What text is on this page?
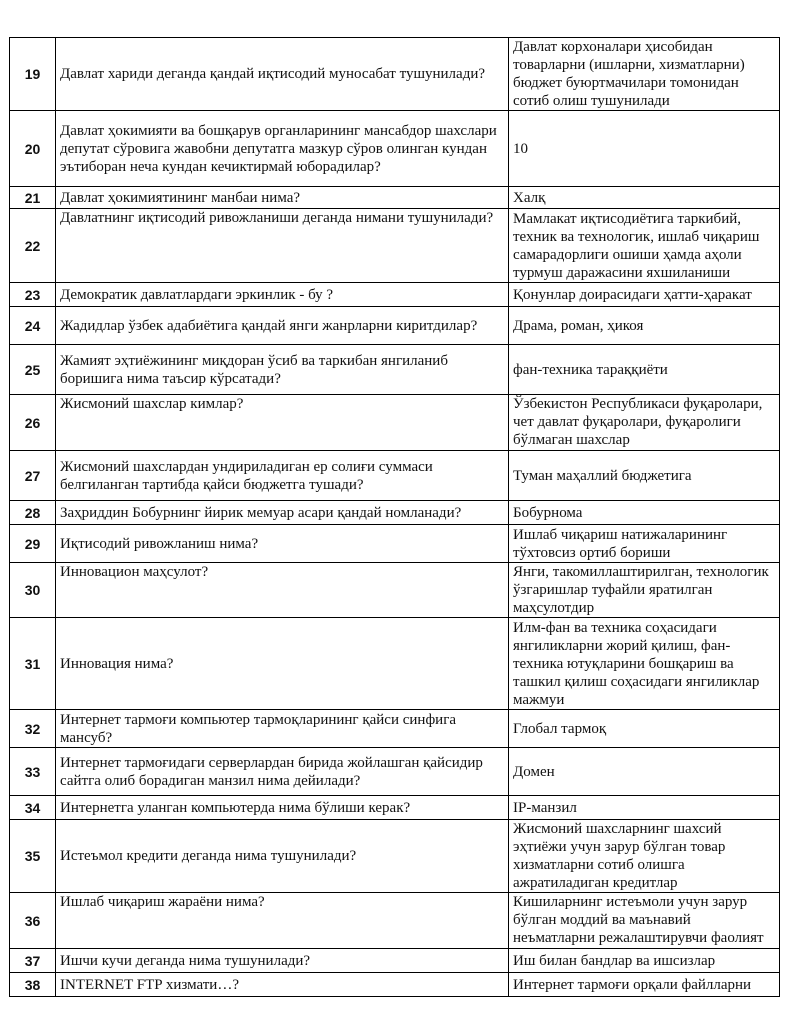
19	Давлат хариди деганда қандай иқтисодий муносабат тушунилади?	Давлат корхоналари ҳисобидан товарларни (ишларни, хизматларни) бюджет буюртмачилари томонидан сотиб олиш тушунилади
20	Давлат ҳокимияти ва бошқарув органларининг мансабдор шахслари депутат сўровига жавобни депутатга мазкур сўров олинган кундан эътиборан неча кундан кечиктирмай юборадилар?	10
21	Давлат ҳокимиятининг манбаи нима?	Халқ
22	Давлатнинг иқтисодий ривожланиши деганда нимани тушунилади?	Мамлакат иқтисодиётига таркибий, техник ва технологик, ишлаб чиқариш самарадорлиги ошиши ҳамда аҳоли турмуш даражасини яхшиланиши
23	Демократик давлатлардаги эркинлик - бу ?	Қонунлар доирасидаги ҳатти-ҳаракат
24	Жадидлар ўзбек адабиётига қандай янги жанрларни киритдилар?	Драма, роман, ҳикоя
25	Жамият эҳтиёжининг миқдоран ўсиб ва таркибан янгиланиб боришига нима таъсир кўрсатади?	фан-техника тараққиёти
26	Жисмоний шахслар кимлар?	Ўзбекистон Республикаси фуқаролари, чет давлат фуқаролари, фуқаролиги бўлмаган шахслар
27	Жисмоний шахслардан ундириладиган ер солиғи суммаси белгиланган тартибда қайси бюджетга тушади?	Туман маҳаллий бюджетига
28	Заҳриддин Бобурнинг йирик мемуар асари қандай номланади?	Бобурнома
29	Иқтисодий ривожланиш нима?	Ишлаб чиқариш натижаларининг тўхтовсиз ортиб бориши
30	Инновацион маҳсулот?	Янги, такомиллаштирилган, технологик ўзгаришлар туфайли яратилган маҳсулотдир
31	Инновация нима?	Илм-фан ва техника соҳасидаги янгиликларни жорий қилиш, фан-техника ютуқларини бошқариш ва ташкил қилиш соҳасидаги янгиликлар мажмуи
32	Интернет тармоғи компьютер тармоқларининг қайси синфига мансуб?	Глобал тармоқ
33	Интернет тармоғидаги серверлардан бирида жойлашган қайсидир сайтга олиб борадиган манзил нима дейилади?	Домен
34	Интернетга уланган компьютерда нима бўлиши керак?	IP-манзил
35	Истеъмол кредити деганда нима тушунилади?	Жисмоний шахсларнинг шахсий эҳтиёжи учун зарур бўлган товар хизматларни сотиб олишга ажратиладиган кредитлар
36	Ишлаб чиқариш жараёни нима?	Кишиларнинг истеъмоли учун зарур бўлган моддий ва маънавий неъматларни режалаштирувчи фаолият
37	Ишчи кучи деганда нима тушунилади?	Иш билан бандлар ва ишсизлар
38	INTERNET FTP хизмати…?	Интернет тармоғи орқали файлларни
